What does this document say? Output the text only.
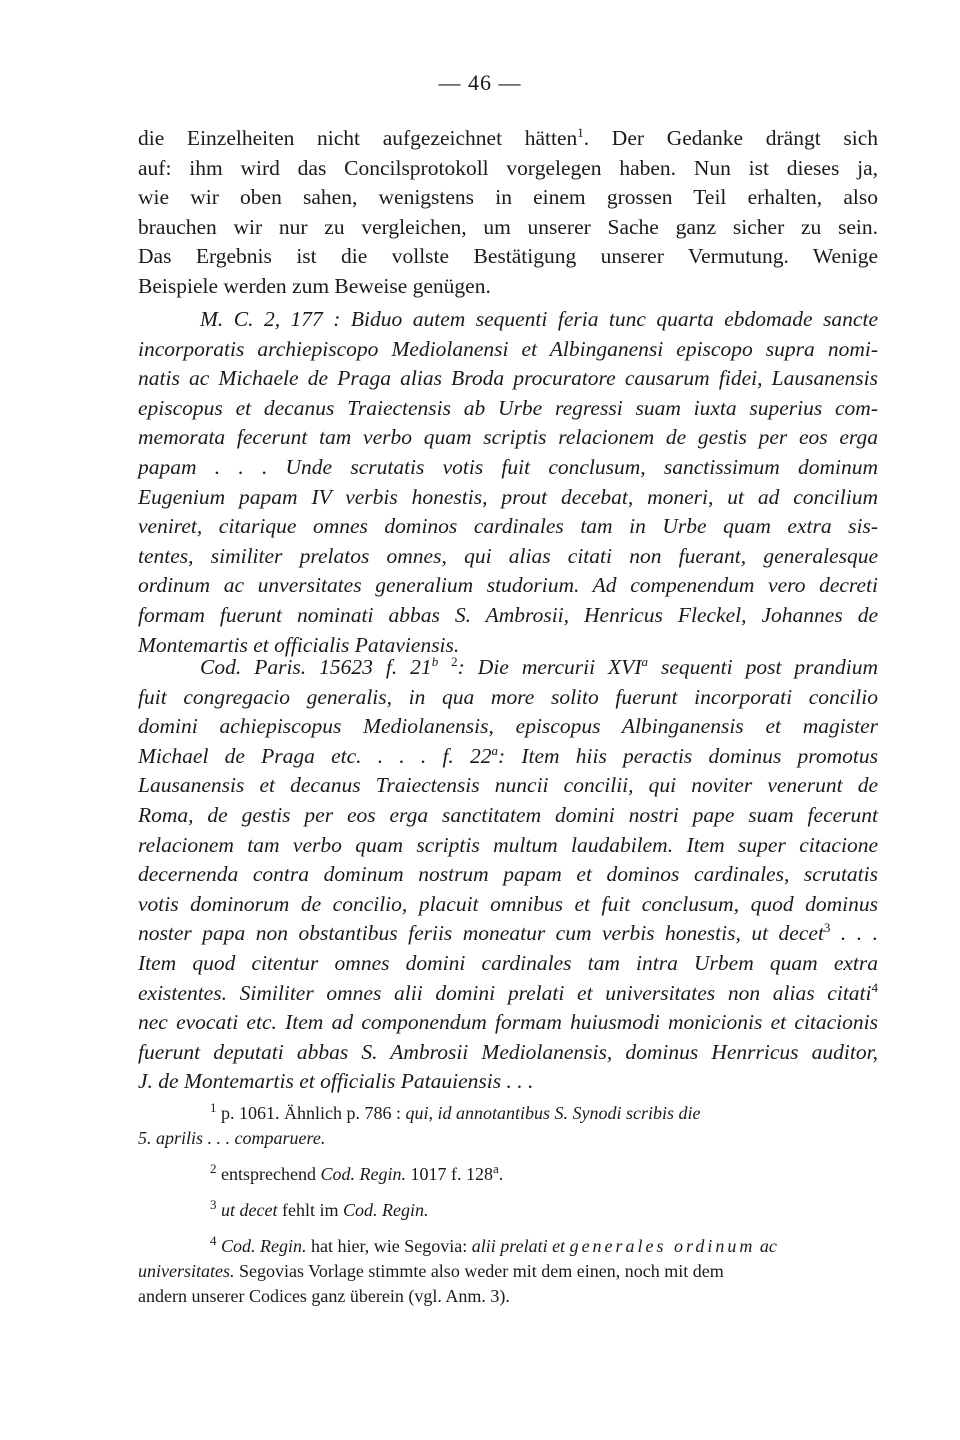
— 46 —
die Einzelheiten nicht aufgezeichnet hätten$^1$. Der Gedanke drängt sich
auf: ihm wird das Concilsprotokoll vorgelegen haben. Nun ist dieses ja,
wie wir oben sahen, wenigstens in einem grossen Teil erhalten, also
brauchen wir nur zu vergleichen, um unserer Sache ganz sicher zu sein.
Das Ergebnis ist die vollste Bestätigung unserer Vermutung. Wenige
Beispiele werden zum Beweise genügen.
M. C. 2, 177 : Biduo autem sequenti feria tunc quarta ebdomade sancte
incorporatis archiepiscopo Mediolanensi et Albinganensi episcopo supra nomi-
natis ac Michaele de Praga alias Broda procuratore causarum fidei, Lausanensis
episcopus et decanus Traiectensis ab Urbe regressi suam iuxta superius com-
memorata fecerunt tam verbo quam scriptis relacionem de gestis per eos erga
papam . . . Unde scrutatis votis fuit conclusum, sanctissimum dominum
Eugenium papam IV verbis honestis, prout decebat, moneri, ut ad concilium
veniret, citarique omnes dominos cardinales tam in Urbe quam extra sis-
tentes, similiter prelatos omnes, qui alias citati non fuerant, generalesque
ordinum ac unversitates generalium studorium. Ad compenendum vero decreti
formam fuerunt nominati abbas S. Ambrosii, Henricus Fleckel, Johannes de
Montemartis et officialis Pataviensis.
Cod. Paris. 15623 f. 21$^b$ $^2$: Die mercurii XVI$^a$ sequenti post prandium
fuit congregacio generalis, in qua more solito fuerunt incorporati concilio
domini achiepiscopus Mediolanensis, episcopus Albinganensis et magister
Michael de Praga etc. . . . f. 22$^a$: Item hiis peractis dominus promotus
Lausanensis et decanus Traiectensis nuncii concilii, qui noviter venerunt de
Roma, de gestis per eos erga sanctitatem domini nostri pape suam fecerunt
relacionem tam verbo quam scriptis multum laudabilem. Item super citacione
decernenda contra dominum nostrum papam et dominos cardinales, scrutatis
votis dominorum de concilio, placuit omnibus et fuit conclusum, quod dominus
noster papa non obstantibus feriis moneatur cum verbis honestis, ut decet$^3$ . . .
Item quod citentur omnes domini cardinales tam intra Urbem quam extra
existentes. Similiter omnes alii domini prelati et universitates non alias citati$^4$
nec evocati etc. Item ad componendum formam huiusmodi monicionis et citacionis
fuerunt deputati abbas S. Ambrosii Mediolanensis, dominus Henrricus auditor,
J. de Montemartis et officialis Patauiensis . . .
$^1$ p. 1061. Ähnlich p. 786 : qui, id annotantibus S. Synodi scribis die
5. aprilis . . . comparuere.
$^2$ entsprechend Cod. Regin. 1017 f. 128$^a$.
$^3$ ut decet fehlt im Cod. Regin.
$^4$ Cod. Regin. hat hier, wie Segovia: alii prelati et generales ordinum ac
universitates. Segovias Vorlage stimmte also weder mit dem einen, noch mit dem
andern unserer Codices ganz überein (vgl. Anm. 3).
